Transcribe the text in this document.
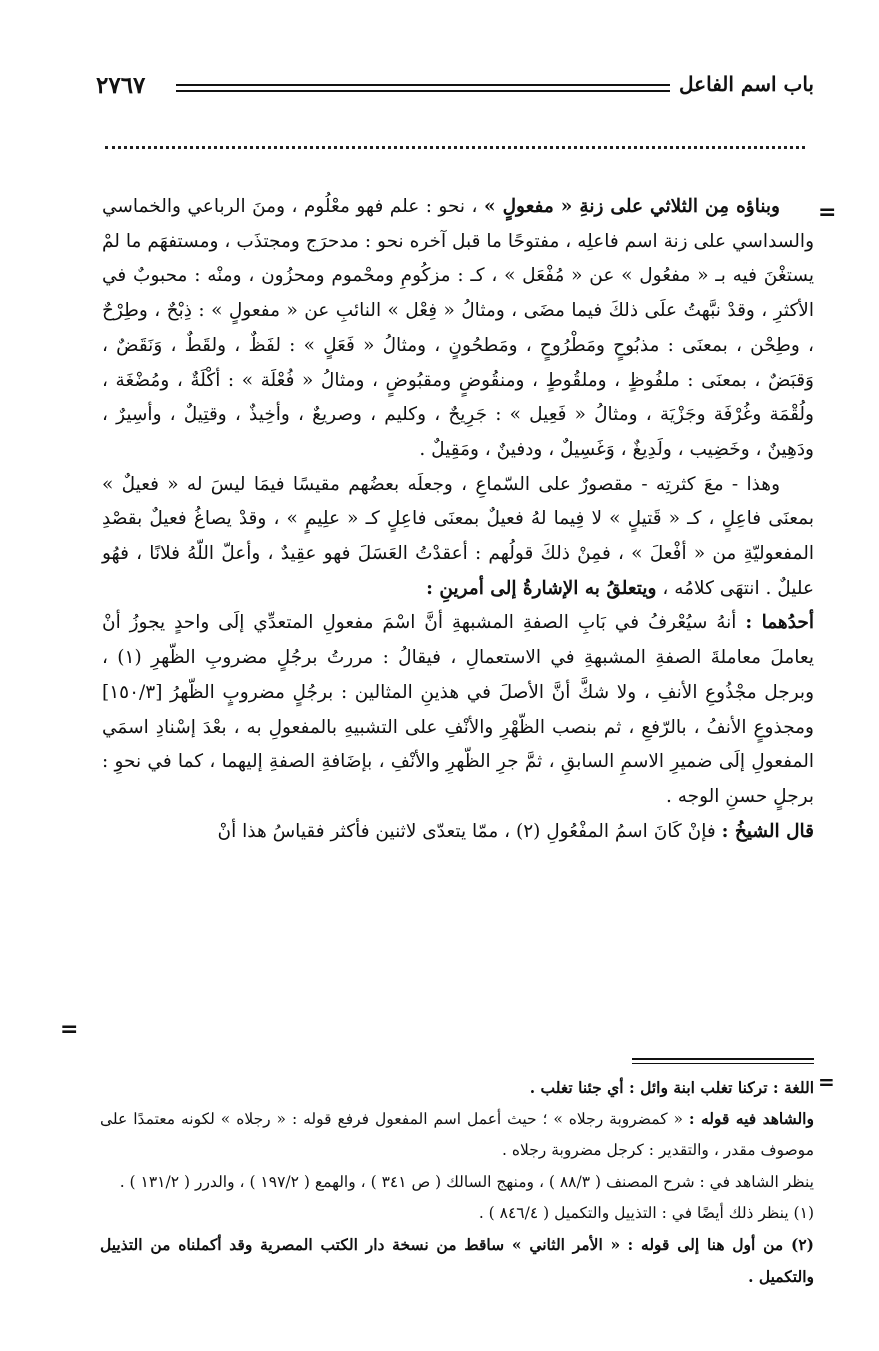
باب اسم الفاعل
٢٧٦٧
=
=

وبناؤه مِن الثلاثي على زنةِ « مفعولٍ » ، نحو : علم فهو معْلُوم ، ومنَ الرباعي والخماسي والسداسي على زنة اسم فاعلِه ، مفتوحًا ما قبل آخره نحو : مدحرَج ومجتذَب ، ومستفهَم ما لمْ يستغْنَ فيه بـ « مفعُول » عن « مُفْعَل » ، كـ : مزكُومِ ومحْموم ومحزُون ، ومنْه : محبوبٌ في الأكثرِ ، وقدْ نبَّهتُ علَى ذلكَ فيما مضَى ، ومثالُ « فِعْل » النائبِ عن « مفعولٍ » : ذِبْحٌ ، وطِرْحٌ ، وطِحْن ، بمعنَى : مذبُوحٍ ومَطْرُوحٍ ، ومَطحُونٍ ، ومثالُ « فَعَلٍ » : لفَظٌ ، ولقَطٌ ، وَنَقَضٌ ، وَقبَضٌ ، بمعنَى : ملفُوظٍ ، وملقُوطٍ ، ومنقُوضٍ ومقبُوضٍ ، ومثالُ « فُعْلَة » : أكْلَةٌ ، ومُضْغَة ، ولُقْمَة وغُرْفَة وجَزْيَة ، ومثالُ « فَعِيل » : جَرِيحٌ ، وكليم ، وصريعٌ ، وأخِيذٌ ، وقتِيلٌ ، وأسِيرٌ ، ودَهِينٌ ، وخَضِيب ، ولَدِيغٌ ، وَغَسِيلٌ ، ودفينٌ ، ومَقِيلٌ .

وهذا - معَ كثرتِه - مقصورٌ على السّماعِ ، وجعلَه بعضُهم مقيسًا فيمَا ليسَ له « فعيلٌ » بمعنَى فاعِلٍ ، كـ « قَتيلٍ » لا فِيما لهُ فعيلٌ بمعنَى فاعِلٍ كـ « علِيمٍ » ، وقدْ يصاغُ فعيلٌ بقصْدِ المفعوليّةِ من « أفْعلَ » ، فمِنْ ذلكَ قولُهم : أعقدْتُ العَسَلَ فهو عقِيدٌ ، وأعلّ اللّهُ فلانًا ، فهُو عليلٌ . انتهَى كلامُه ، ويتعلقُ به الإشارةُ إلى أمرينِ :

أحدُهما : أنهُ سيُعْرفُ في بَابِ الصفةِ المشبهةِ أنَّ اسْمَ مفعولِ المتعدِّي إلَى واحدٍ يجوزُ أنْ يعاملَ معاملةَ الصفةِ المشبهةِ في الاستعمالِ ، فيقالُ : مررتُ برجُلٍ مضروبِ الظّهرِ (١) ، وبرجل مجْذُوعِ الأنفِ ، ولا شكَّ أنَّ الأصلَ في هذينِ المثالين : برجُلٍ مضروبٍ الظّهرُ [١٥٠/٣] ومجذوعٍ الأنفُ ، بالرّفعِ ، ثم بنصب الظّهْرِ والأنْفِ على التشبيهِ بالمفعولِ به ، بعْدَ إسْنادِ اسمَي المفعولِ إلَى ضميرِ الاسمِ السابقِ ، ثمَّ جرِ الظّهرِ والأنْفِ ، بإضَافةِ الصفةِ إليهما ، كما في نحوِ : برجلٍ حسنِ الوجه .

قال الشيخُ : فإنْ كَانَ اسمُ المفْعُولِ (٢) ، ممّا يتعدّى لاثنين فأكثر فقياسُ هذا أنْ

=

اللغة : تركنا تغلب ابنة وائل : أي جئنا تغلب .

والشاهد فيه قوله : « كمضروبة رجلاه » ؛ حيث أعمل اسم المفعول فرفع قوله : « رجلاه » لكونه معتمدًا على موصوف مقدر ، والتقدير : كرجل مضروبة رجلاه .

ينظر الشاهد في : شرح المصنف ( ٨٨/٣ ) ، ومنهج السالك ( ص ٣٤١ ) ، والهمع ( ١٩٧/٢ ) ، والدرر ( ١٣١/٢ ) .

(١) ينظر ذلك أيضًا في : التذييل والتكميل ( ٨٤٦/٤ ) .

(٢) من أول هنا إلى قوله : « الأمر الثاني » ساقط من نسخة دار الكتب المصرية وقد أكملناه من التذييل والتكميل .
